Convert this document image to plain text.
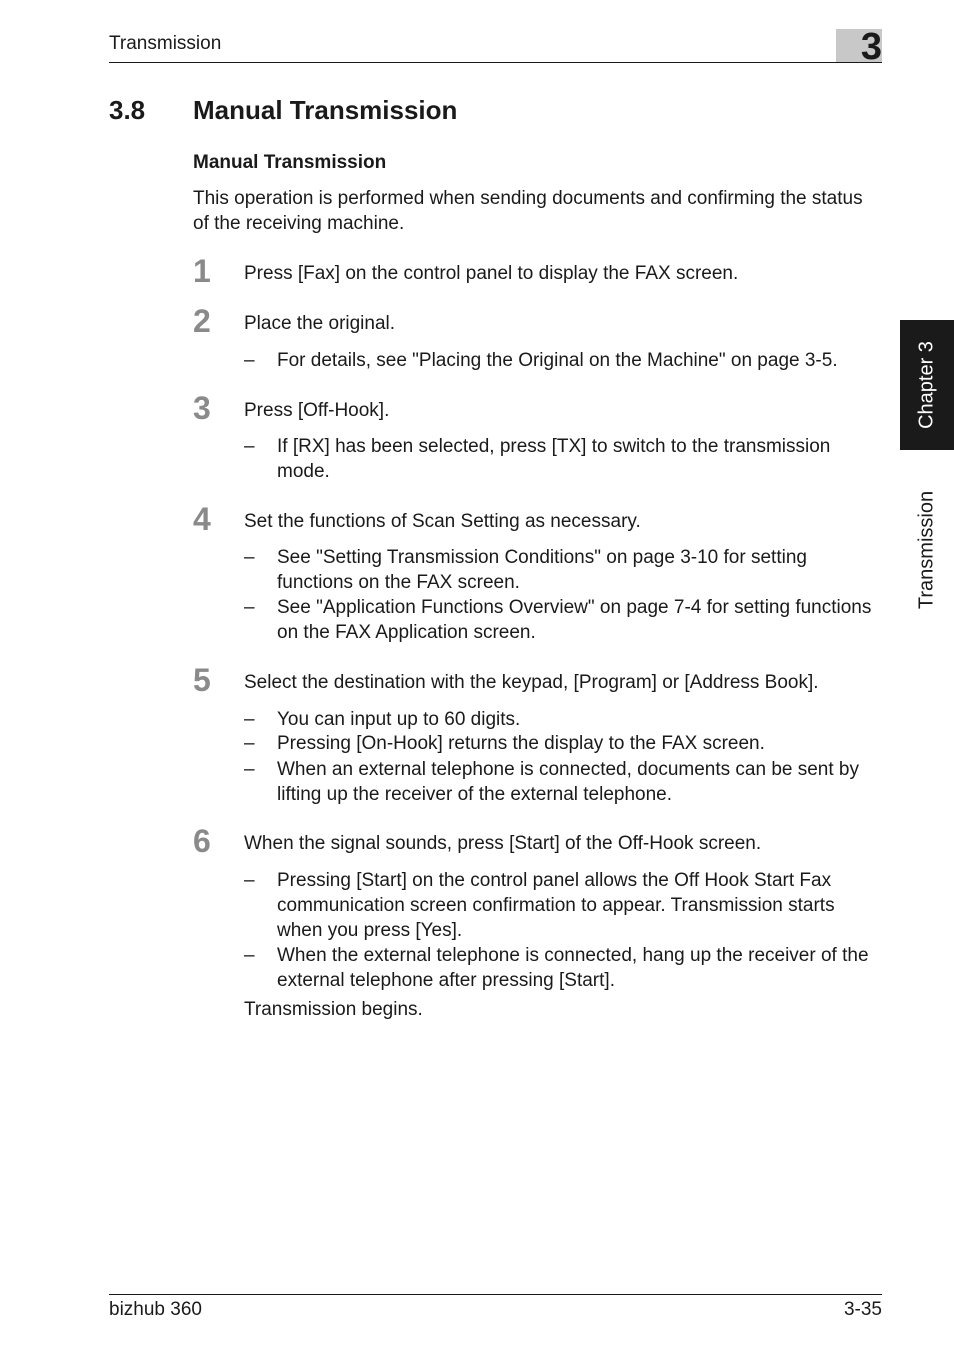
Transmission	3
3.8 Manual Transmission
Manual Transmission
This operation is performed when sending documents and confirming the status of the receiving machine.
1 Press [Fax] on the control panel to display the FAX screen.
2 Place the original.
– For details, see "Placing the Original on the Machine" on page 3-5.
3 Press [Off-Hook].
– If [RX] has been selected, press [TX] to switch to the transmission mode.
4 Set the functions of Scan Setting as necessary.
– See "Setting Transmission Conditions" on page 3-10 for setting functions on the FAX screen.
– See "Application Functions Overview" on page 7-4 for setting functions on the FAX Application screen.
5 Select the destination with the keypad, [Program] or [Address Book].
– You can input up to 60 digits.
– Pressing [On-Hook] returns the display to the FAX screen.
– When an external telephone is connected, documents can be sent by lifting up the receiver of the external telephone.
6 When the signal sounds, press [Start] of the Off-Hook screen.
– Pressing [Start] on the control panel allows the Off Hook Start Fax communication screen confirmation to appear. Transmission starts when you press [Yes].
– When the external telephone is connected, hang up the receiver of the external telephone after pressing [Start].
Transmission begins.
Chapter 3
Transmission
bizhub 360	3-35
